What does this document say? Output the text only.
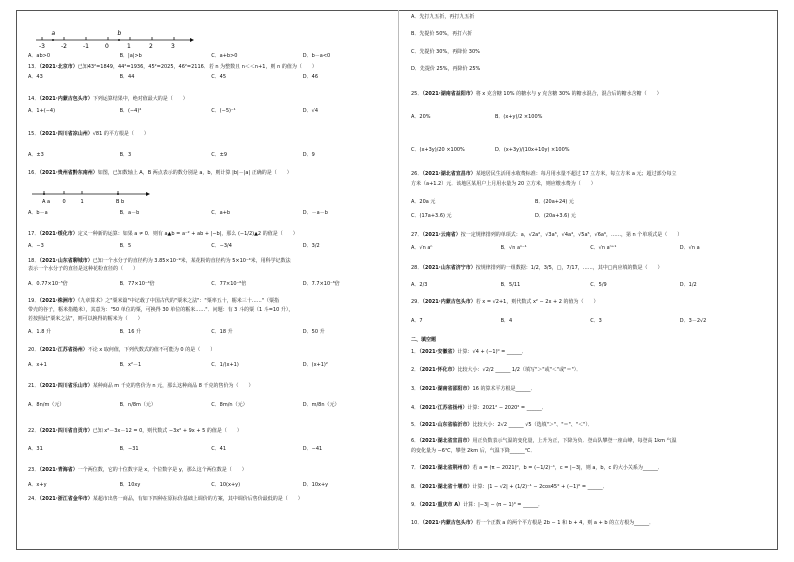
-3	-2	-1	0	1	2	3
a	b
A．ab>0	B．|a|>b	C．a+b>0	D．b－a<0
13．（2021·北京市）已知43²=1849，44²=1936，45²=2025，46²=2116．若 n 为整数且 n＜＜n+1，则 n 的值为（　　）
A．43	B．44	C．45	D．46
14．（2021·内蒙古包头市）下列运算结果中，绝对值最大的是（　　）
A．1+(−4)	B．(−4)⁴	C．(−5)⁻¹	D．√4
15．（2021·四川省凉山州）√81 的平方根是（　　）
A．±3	B．3	C．±9	D．9
16．（2021·贵州省黔东南州）如图，已知数轴上 A，B 两点表示的数分别是 a，b，则计算 |b|－|a| 正确的是（　　）
A a 0	1	B b
A．b－a	B．a－b	C．a+b	D．－a－b
17．（2021·绥化市）定义一种新的运算：如果 a ≠ 0．则有 a▲b = a⁻² + ab + |−b|，那么 (−1/2)▲2 的值是（　　）
A．−3	B．5	C．−3/4	D．3/2
18．（2021·山东省聊城市）已知一个水分子的直径约为 3.85×10⁻⁹米，某花粉的直径约为 5×10⁻⁴米，用科学记数法
表示一个水分子的直径是这种花粉直径的（　　）
A．0.77×10⁻⁵倍	B．77×10⁻⁴倍	C．77×10⁻⁶倍	D．7.7×10⁻⁶倍
19．（2021·株洲市）《九章算术》之"粟米篇"中记载了中国古代的"粟米之法"："粟率五十，粝米三十……"（粟指
带壳的谷子，粝米指糙米），其意为："50 单位的粟，可换得 30 单位的粝米……"．问题：有 3 斗的粟（1 斗=10 升），
若按照此"粟米之法"，则可以换得的粝米为（　　）
A．1.8 升	B．16 升	C．18 升	D．50 升
20．（2021·江苏省扬州）不论 x 取何值，下列代数式的值不可能为 0 的是（　　）
A．x+1	B．x²－1	C．1/(x+1)	D．(x+1)²
21．（2021·四川省乐山市）某种商品 m 千克的售价为 n 元，那么这种商品 8 千克的售价为（　　）
A．8n/m（元）	B．n/8m（元）	C．8m/n（元）	D．m/8n（元）
22．（2021·四川省自贡市）已知 x²－3x－12 = 0，则代数式 −3x² + 9x + 5 的值是（　　）
A．31	B．−31	C．41	D．−41
23．（2021·青海省）一个两位数，它的十位数字是 x，个位数字是 y，那么这个两位数是（　　）
A．x+y	B．10xy	C．10(x+y)	D．10x+y
24．（2021·浙江省金华市）某超市出售一商品，有如下四种在原标价基础上调价的方案，其中调价后售价最低的是（　　）
A．先打九五折，再打九五折
B．先提价 50%，再打六折
C．先提价 30%，再降价 30%
D．先提价 25%，再降价 25%
25．（2021·湖南省益阳市）将 x 克含糖 10% 的糖水与 y 克含糖 30% 的糖水混合，混合后的糖水含糖（　　）
A．20%	B．(x+y)/2 ×100%
C．(x+3y)/20 ×100%	D．(x+3y)/(10x+10y) ×100%
26．（2021·湖北省宜昌市）某地居民生活用水收费标准：每月用水量不超过 17 立方米，每立方米 a 元；超过部分每立
方米（a+1.2）元．该地区某用户上月用水量为 20 立方米，则应缴水费为（　　）
A．20a 元	B．(20a+24) 元
C．(17a+3.6) 元	D．(20a+3.6) 元
27．（2021·云南省）按一定规律排列的单项式：a，√2a²，√3a³，√4a⁴，√5a⁵，√6a⁶，……，第 n 个单项式是（　　）
A．√n aⁿ	B．√n aⁿ⁻¹	C．√n aⁿ⁺¹	D．√n a
28．（2021·山东省济宁市）按规律排列的一组数据：1/2，3/5，□，7/17，……，其中□内应填的数是（　　）
A．2/3	B．5/11	C．5/9	D．1/2
29．（2021·内蒙古包头市）若 x = √2+1，则代数式 x² − 2x + 2 的值为（　　）
A．7	B．4	C．3	D．3－2√2
二、填空题
1．（2021·安徽省）计算：√4 + (−1)⁰ = ______．
2．（2021·怀化市）比较大小：√2/2 ______ 1/2（填写"＞"或"＜"或"＝"）．
3．（2021·湖南省邵阳市）16 的算术平方根是______．
4．（2021·江苏省扬州）计算：2021² − 2020² = ______．
5．（2021·山东省临沂市）比较大小：2√2 ______ √5（选填"＞"、"＝"、"＜"）．
6．（2021·湖北省宜昌市）用正负数表示气温的变化量，上升为正，下降为负．登山队攀登一座山峰，每登高 1km 气温
的变化量为 −6℃，攀登 2km 后，气温下降______℃．
7．（2021·湖北省荆州市）若 a = (π − 2021)⁰，b = (−1/2)⁻¹，c = |−3|，则 a，b，c 的大小关系为______．
8．（2021·湖北省十堰市）计算：|1 − √2| + (1/2)⁻¹ − 2cos45° + (−1)⁰ = ______．
9．（2021·重庆市 A）计算：|−3| − (π − 1)⁰ = ______．
10．（2021·内蒙古包头市）若一个正数 a 的两个平方根是 2b − 1 和 b + 4，则 a + b 的立方根为______．
